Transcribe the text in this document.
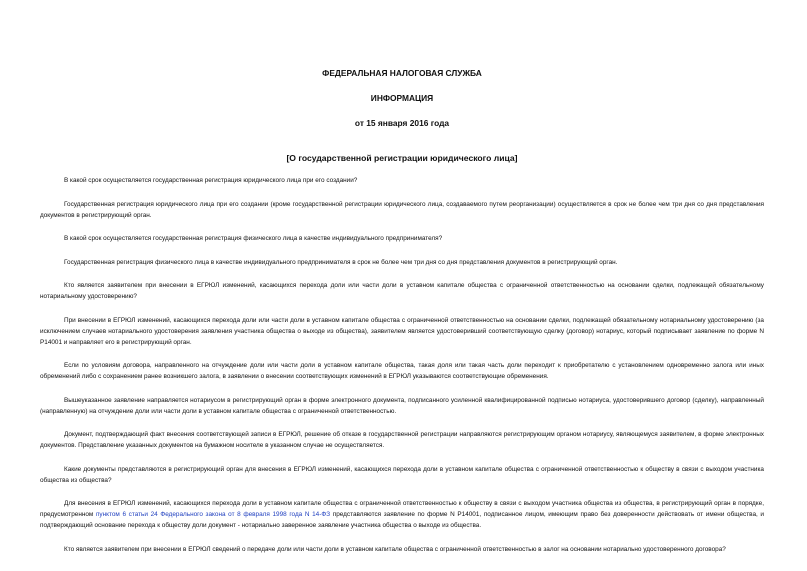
ФЕДЕРАЛЬНАЯ НАЛОГОВАЯ СЛУЖБА
ИНФОРМАЦИЯ
от 15 января 2016 года
[О государственной регистрации юридического лица]

В какой срок осуществляется государственная регистрация юридического лица при его создании?

Государственная регистрация юридического лица при его создании (кроме государственной регистрации юридического лица, создаваемого путем реорганизации) осуществляется в срок не более чем три дня со дня представления документов в регистрирующий орган.

В какой срок осуществляется государственная регистрация физического лица в качестве индивидуального предпринимателя?

Государственная регистрация физического лица в качестве индивидуального предпринимателя в срок не более чем три дня со дня представления документов в регистрирующий орган.

Кто является заявителем при внесении в ЕГРЮЛ изменений, касающихся перехода доли или части доли в уставном капитале общества с ограниченной ответственностью на основании сделки, подлежащей обязательному нотариальному удостоверению?

При внесении в ЕГРЮЛ изменений, касающихся перехода доли или части доли в уставном капитале общества с ограниченной ответственностью на основании сделки, подлежащей обязательному нотариальному удостоверению (за исключением случаев нотариального удостоверения заявления участника общества о выходе из общества), заявителем является удостоверивший соответствующую сделку (договор) нотариус, который подписывает заявление по форме N Р14001 и направляет его в регистрирующий орган.

Если по условиям договора, направленного на отчуждение доли или части доли в уставном капитале общества, такая доля или такая часть доли переходит к приобретателю с установлением одновременно залога или иных обременений либо с сохранением ранее возникшего залога, в заявлении о внесении соответствующих изменений в ЕГРЮЛ указываются соответствующие обременения.

Вышеуказанное заявление направляется нотариусом в регистрирующий орган в форме электронного документа, подписанного усиленной квалифицированной подписью нотариуса, удостоверившего договор (сделку), направленный (направленную) на отчуждение доли или части доли в уставном капитале общества с ограниченной ответственностью.

Документ, подтверждающий факт внесения соответствующей записи в ЕГРЮЛ, решение об отказе в государственной регистрации направляются регистрирующим органом нотариусу, являющемуся заявителем, в форме электронных документов. Представление указанных документов на бумажном носителе в указанном случае не осуществляется.

Какие документы представляются в регистрирующий орган для внесения в ЕГРЮЛ изменений, касающихся перехода доли в уставном капитале общества с ограниченной ответственностью к обществу в связи с выходом участника общества из общества?

Для внесения в ЕГРЮЛ изменений, касающихся перехода доли в уставном капитале общества с ограниченной ответственностью к обществу в связи с выходом участника общества из общества, в регистрирующий орган в порядке, предусмотренном пунктом 6 статьи 24 Федерального закона от 8 февраля 1998 года N 14-ФЗ представляются заявление по форме N Р14001, подписанное лицом, имеющим право без доверенности действовать от имени общества, и подтверждающий основание перехода к обществу доли документ - нотариально заверенное заявление участника общества о выходе из общества.

Кто является заявителем при внесении в ЕГРЮЛ сведений о передаче доли или части доли в уставном капитале общества с ограниченной ответственностью в залог на основании нотариально удостоверенного договора?
